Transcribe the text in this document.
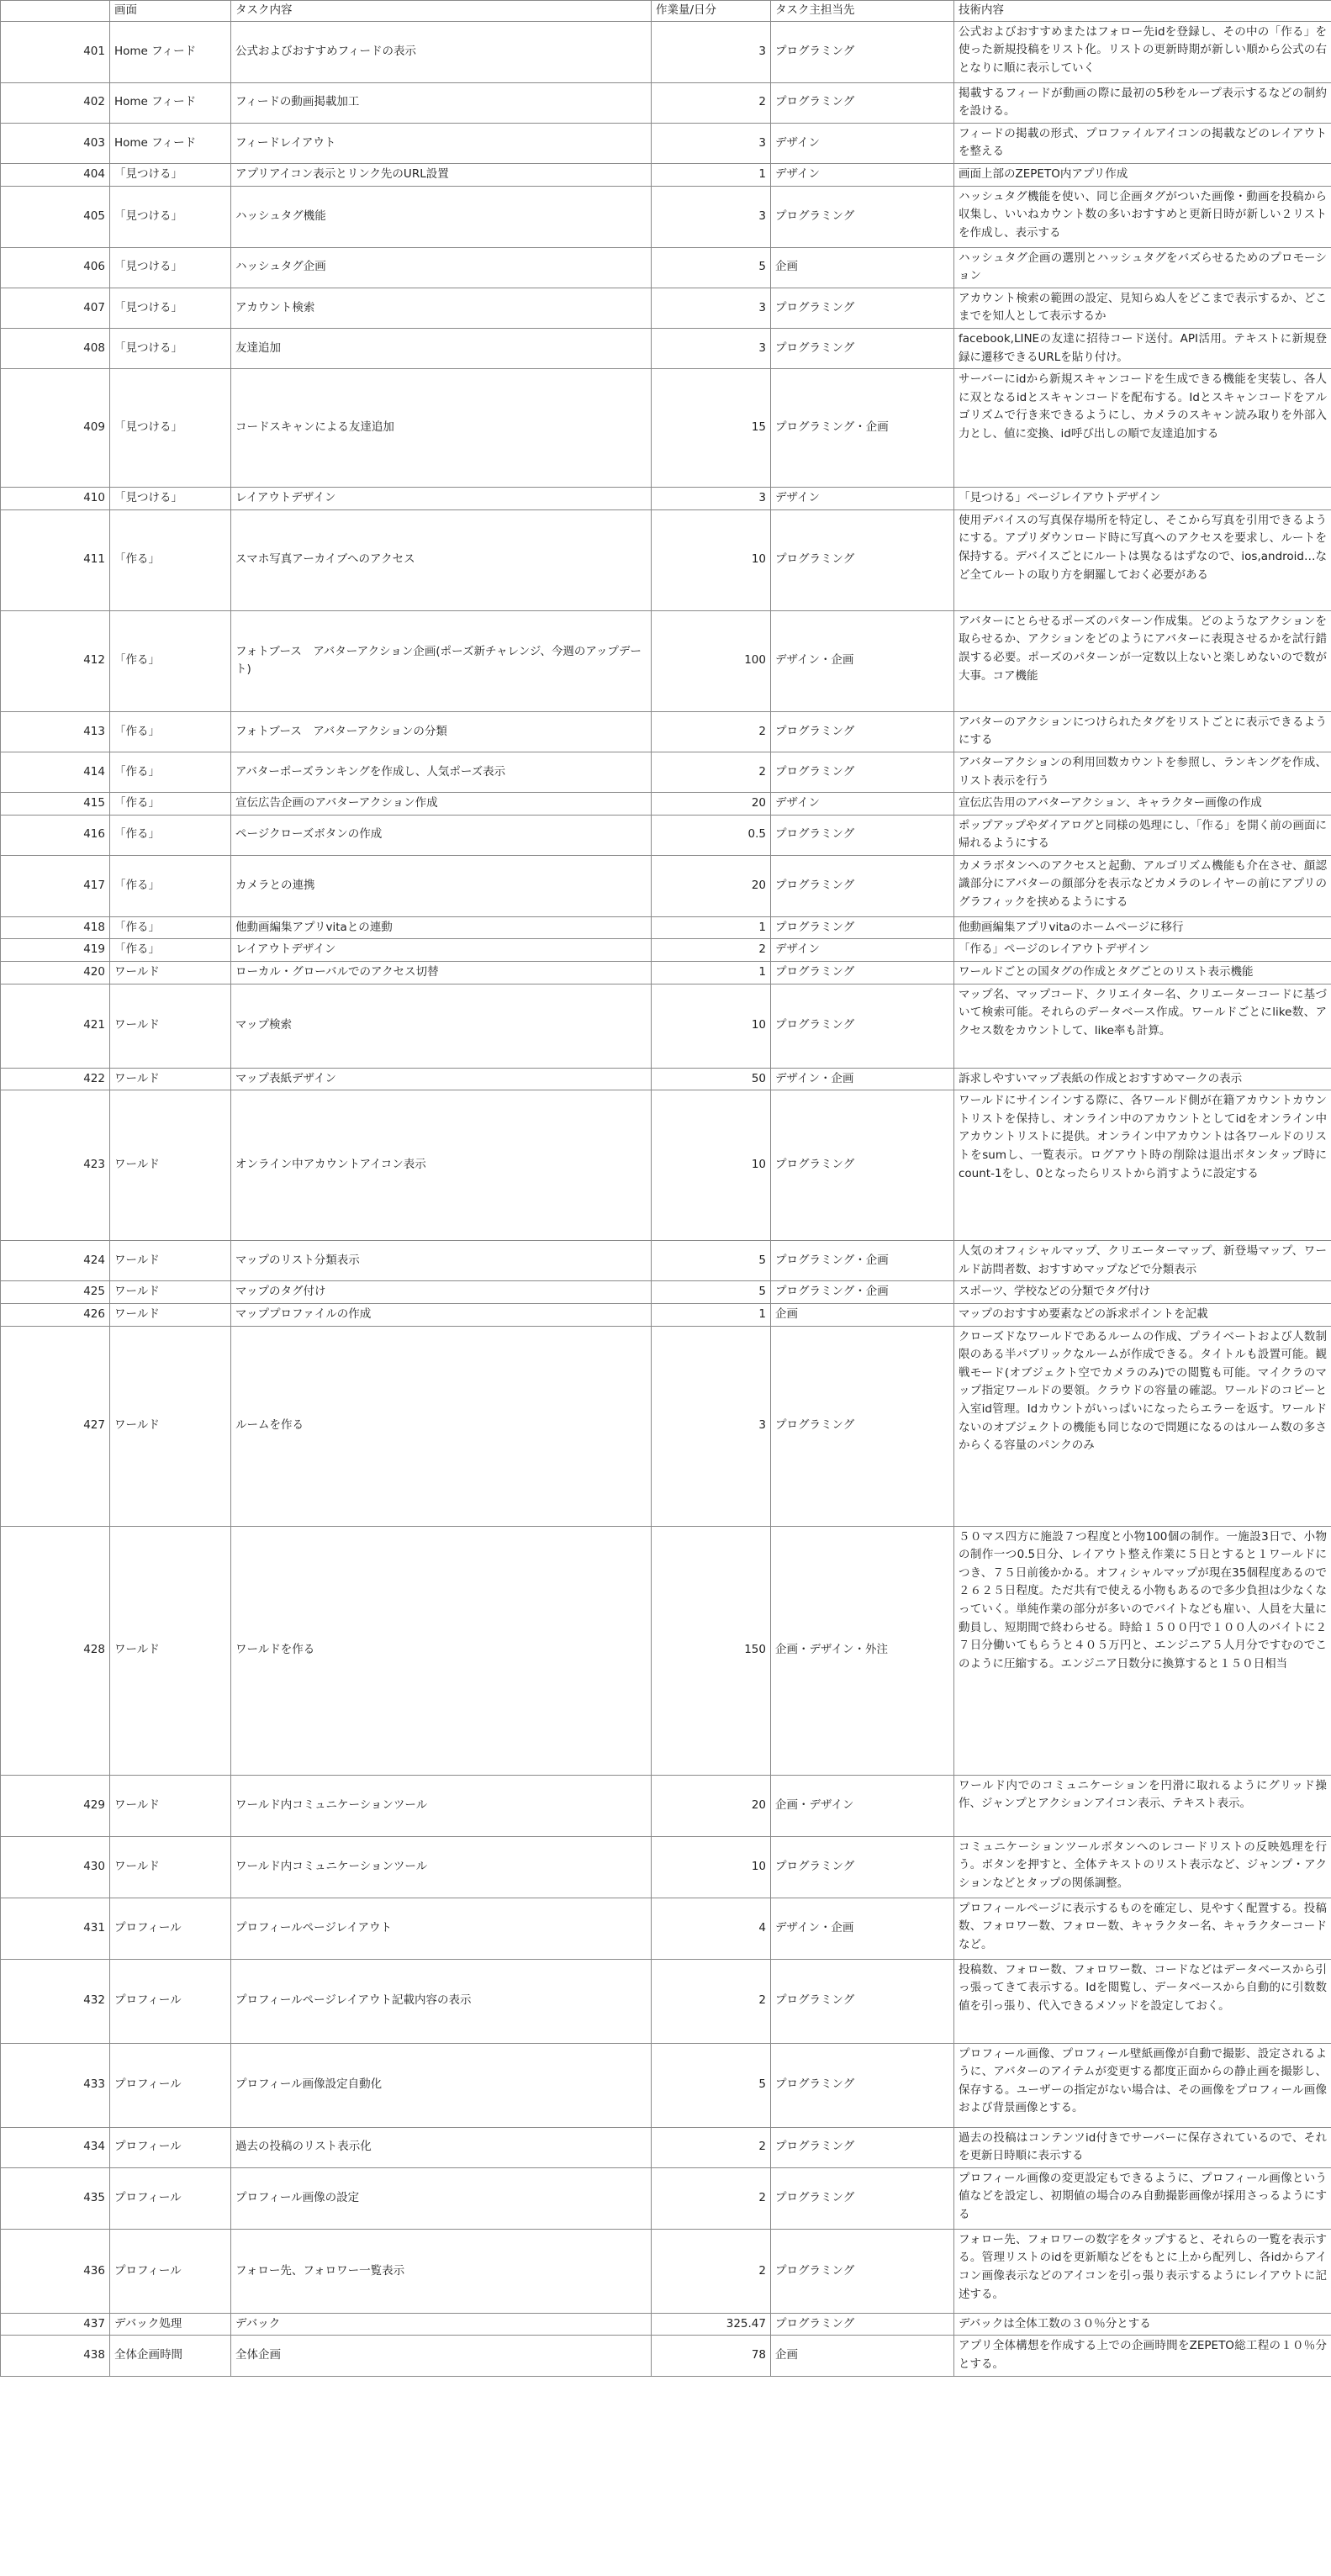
	画面	タスク内容	作業量/日分	タスク主担当先	技術内容
401	Home フィード	公式およびおすすめフィードの表示	3	プログラミング	公式およびおすすめまたはフォロー先idを登録し、その中の「作る」を使った新規投稿をリスト化。リストの更新時期が新しい順から公式の右となりに順に表示していく
402	Home フィード	フィードの動画掲載加工	2	プログラミング	掲載するフィードが動画の際に最初の5秒をループ表示するなどの制約を設ける。
403	Home フィード	フィードレイアウト	3	デザイン	フィードの掲載の形式、プロファイルアイコンの掲載などのレイアウトを整える
404	「見つける」	アプリアイコン表示とリンク先のURL設置	1	デザイン	画面上部のZEPETO内アプリ作成
405	「見つける」	ハッシュタグ機能	3	プログラミング	ハッシュタグ機能を使い、同じ企画タグがついた画像・動画を投稿から収集し、いいねカウント数の多いおすすめと更新日時が新しい２リストを作成し、表示する
406	「見つける」	ハッシュタグ企画	5	企画	ハッシュタグ企画の選別とハッシュタグをバズらせるためのプロモーション
407	「見つける」	アカウント検索	3	プログラミング	アカウント検索の範囲の設定、見知らぬ人をどこまで表示するか、どこまでを知人として表示するか
408	「見つける」	友達追加	3	プログラミング	facebook,LINEの友達に招待コード送付。API活用。テキストに新規登録に遷移できるURLを貼り付け。
409	「見つける」	コードスキャンによる友達追加	15	プログラミング・企画	サーバーにidから新規スキャンコードを生成できる機能を実装し、各人に双となるidとスキャンコードを配布する。Idとスキャンコードをアルゴリズムで行き来できるようにし、カメラのスキャン読み取りを外部入力とし、値に変換、id呼び出しの順で友達追加する
410	「見つける」	レイアウトデザイン	3	デザイン	「見つける」ページレイアウトデザイン
411	「作る」	スマホ写真アーカイブへのアクセス	10	プログラミング	使用デバイスの写真保存場所を特定し、そこから写真を引用できるようにする。アプリダウンロード時に写真へのアクセスを要求し、ルートを保持する。デバイスごとにルートは異なるはずなので、ios,android…など全てルートの取り方を網羅しておく必要がある
412	「作る」	フォトブース　アバターアクション企画(ポーズ新チャレンジ、今週のアップデート)	100	デザイン・企画	アバターにとらせるポーズのパターン作成集。どのようなアクションを取らせるか、アクションをどのようにアバターに表現させるかを試行錯誤する必要。ポーズのパターンが一定数以上ないと楽しめないので数が大事。コア機能
413	「作る」	フォトブース　アバターアクションの分類	2	プログラミング	アバターのアクションにつけられたタグをリストごとに表示できるようにする
414	「作る」	アバターポーズランキングを作成し、人気ポーズ表示	2	プログラミング	アバターアクションの利用回数カウントを参照し、ランキングを作成、リスト表示を行う
415	「作る」	宣伝広告企画のアバターアクション作成	20	デザイン	宣伝広告用のアバターアクション、キャラクター画像の作成
416	「作る」	ページクローズボタンの作成	0.5	プログラミング	ポップアップやダイアログと同様の処理にし、「作る」を開く前の画面に帰れるようにする
417	「作る」	カメラとの連携	20	プログラミング	カメラボタンへのアクセスと起動、アルゴリズム機能も介在させ、顔認識部分にアバターの顔部分を表示などカメラのレイヤーの前にアプリのグラフィックを挟めるようにする
418	「作る」	他動画編集アプリvitaとの連動	1	プログラミング	他動画編集アプリvitaのホームページに移行
419	「作る」	レイアウトデザイン	2	デザイン	「作る」ページのレイアウトデザイン
420	ワールド	ローカル・グローバルでのアクセス切替	1	プログラミング	ワールドごとの国タグの作成とタグごとのリスト表示機能
421	ワールド	マップ検索	10	プログラミング	マップ名、マップコード、クリエイター名、クリエーターコードに基づいて検索可能。それらのデータベース作成。ワールドごとにlike数、アクセス数をカウントして、like率も計算。
422	ワールド	マップ表紙デザイン	50	デザイン・企画	訴求しやすいマップ表紙の作成とおすすめマークの表示
423	ワールド	オンライン中アカウントアイコン表示	10	プログラミング	ワールドにサインインする際に、各ワールド側が在籍アカウントカウントリストを保持し、オンライン中のアカウントとしてidをオンライン中アカウントリストに提供。オンライン中アカウントは各ワールドのリストをsumし、一覧表示。ログアウト時の削除は退出ボタンタップ時にcount-1をし、0となったらリストから消すように設定する
424	ワールド	マップのリスト分類表示	5	プログラミング・企画	人気のオフィシャルマップ、クリエーターマップ、新登場マップ、ワールド訪問者数、おすすめマップなどで分類表示
425	ワールド	マップのタグ付け	5	プログラミング・企画	スポーツ、学校などの分類でタグ付け
426	ワールド	マッププロファイルの作成	1	企画	マップのおすすめ要素などの訴求ポイントを記載
427	ワールド	ルームを作る	3	プログラミング	クローズドなワールドであるルームの作成、プライベートおよび人数制限のある半パブリックなルームが作成できる。タイトルも設置可能。観戦モード(オブジェクト空でカメラのみ)での閲覧も可能。マイクラのマップ指定ワールドの要領。クラウドの容量の確認。ワールドのコピーと入室id管理。Idカウントがいっぱいになったらエラーを返す。ワールドないのオブジェクトの機能も同じなので問題になるのはルーム数の多さからくる容量のパンクのみ
428	ワールド	ワールドを作る	150	企画・デザイン・外注	５０マス四方に施設７つ程度と小物100個の制作。一施設3日で、小物の制作一つ0.5日分、レイアウト整え作業に５日とすると１ワールドにつき、７５日前後かかる。オフィシャルマップが現在35個程度あるので２６２５日程度。ただ共有で使える小物もあるので多少負担は少なくなっていく。単純作業の部分が多いのでバイトなども雇い、人員を大量に動員し、短期間で終わらせる。時給１５００円で１００人のバイトに２７日分働いてもらうと４０５万円と、エンジニア５人月分ですむのでこのように圧縮する。エンジニア日数分に換算すると１５０日相当
429	ワールド	ワールド内コミュニケーションツール	20	企画・デザイン	ワールド内でのコミュニケーションを円滑に取れるようにグリッド操作、ジャンプとアクションアイコン表示、テキスト表示。
430	ワールド	ワールド内コミュニケーションツール	10	プログラミング	コミュニケーションツールボタンへのレコードリストの反映処理を行う。ボタンを押すと、全体テキストのリスト表示など、ジャンプ・アクションなどとタップの関係調整。
431	プロフィール	プロフィールページレイアウト	4	デザイン・企画	プロフィールページに表示するものを確定し、見やすく配置する。投稿数、フォロワー数、フォロー数、キャラクター名、キャラクターコードなど。
432	プロフィール	プロフィールページレイアウト記載内容の表示	2	プログラミング	投稿数、フォロー数、フォロワー数、コードなどはデータベースから引っ張ってきて表示する。Idを閲覧し、データベースから自動的に引数数値を引っ張り、代入できるメソッドを設定しておく。
433	プロフィール	プロフィール画像設定自動化	5	プログラミング	プロフィール画像、プロフィール壁紙画像が自動で撮影、設定されるように、アバターのアイテムが変更する都度正面からの静止画を撮影し、保存する。ユーザーの指定がない場合は、その画像をプロフィール画像および背景画像とする。
434	プロフィール	過去の投稿のリスト表示化	2	プログラミング	過去の投稿はコンテンツid付きでサーバーに保存されているので、それを更新日時順に表示する
435	プロフィール	プロフィール画像の設定	2	プログラミング	プロフィール画像の変更設定もできるように、プロフィール画像という値などを設定し、初期値の場合のみ自動撮影画像が採用さっるようにする
436	プロフィール	フォロー先、フォロワー一覧表示	2	プログラミング	フォロー先、フォロワーの数字をタップすると、それらの一覧を表示する。管理リストのidを更新順などをもとに上から配列し、各idからアイコン画像表示などのアイコンを引っ張り表示するようにレイアウトに記述する。
437	デバック処理	デバック	325.47	プログラミング	デバックは全体工数の３０％分とする
438	全体企画時間	全体企画	78	企画	アプリ全体構想を作成する上での企画時間をZEPETO総工程の１０％分とする。
